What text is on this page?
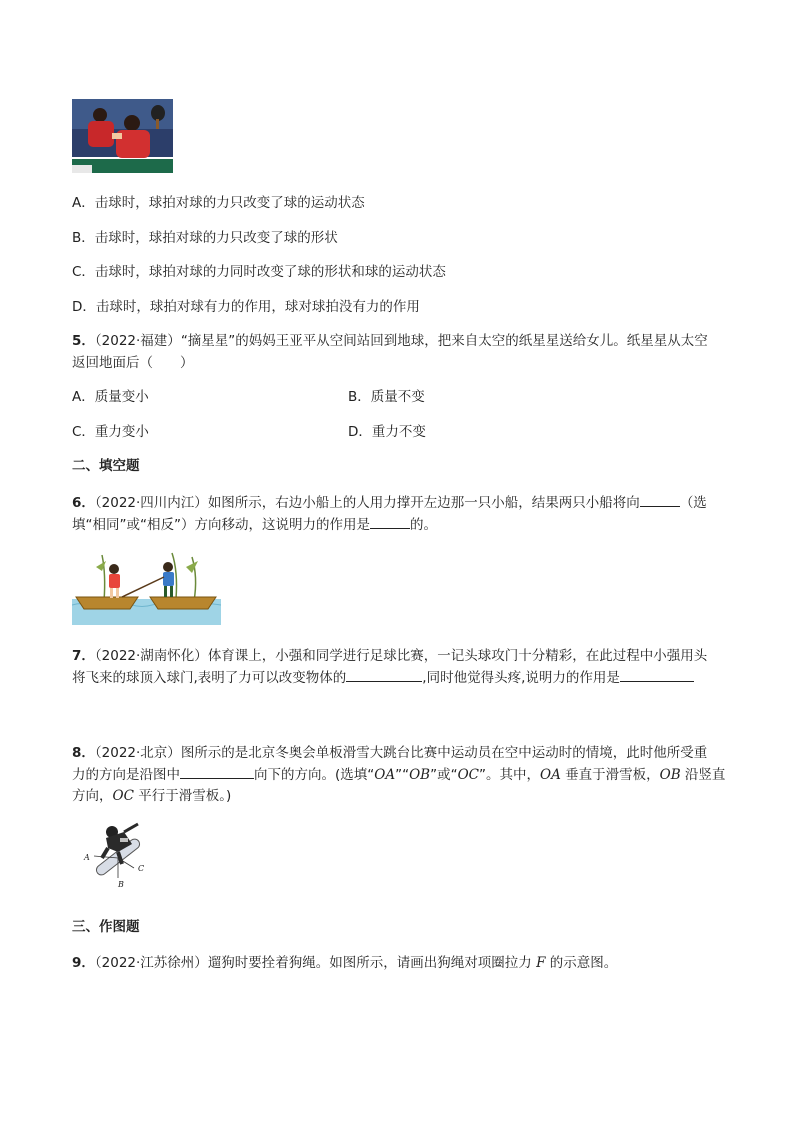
A．击球时，球拍对球的力只改变了球的运动状态
B．击球时，球拍对球的力只改变了球的形状
C．击球时，球拍对球的力同时改变了球的形状和球的运动状态
D．击球时，球拍对球有力的作用，球对球拍没有力的作用
5．（2022·福建）“摘星星”的妈妈王亚平从空间站回到地球，把来自太空的纸星星送给女儿。纸星星从太空
返回地面后（　　）
A．质量变小	B．质量不变
C．重力变小	D．重力不变
二、填空题
6．（2022·四川内江）如图所示，右边小船上的人用力撑开左边那一只小船，结果两只小船将向	（选
填“相同”或“相反”）方向移动，这说明力的作用是	的。
7．（2022·湖南怀化）体育课上，小强和同学进行足球比赛，一记头球攻门十分精彩，在此过程中小强用头
将飞来的球顶入球门,表明了力可以改变物体的	,同时他觉得头疼,说明力的作用是
8．（2022·北京）图所示的是北京冬奥会单板滑雪大跳台比赛中运动员在空中运动时的情境，此时他所受重
力的方向是沿图中	向下的方向。(选填“OA”“OB”或“OC”。其中，OA 垂直于滑雪板，OB 沿竖直
方向，OC 平行于滑雪板。)
A
B
C
三、作图题
9．（2022·江苏徐州）遛狗时要拴着狗绳。如图所示，请画出狗绳对项圈拉力 F 的示意图。
